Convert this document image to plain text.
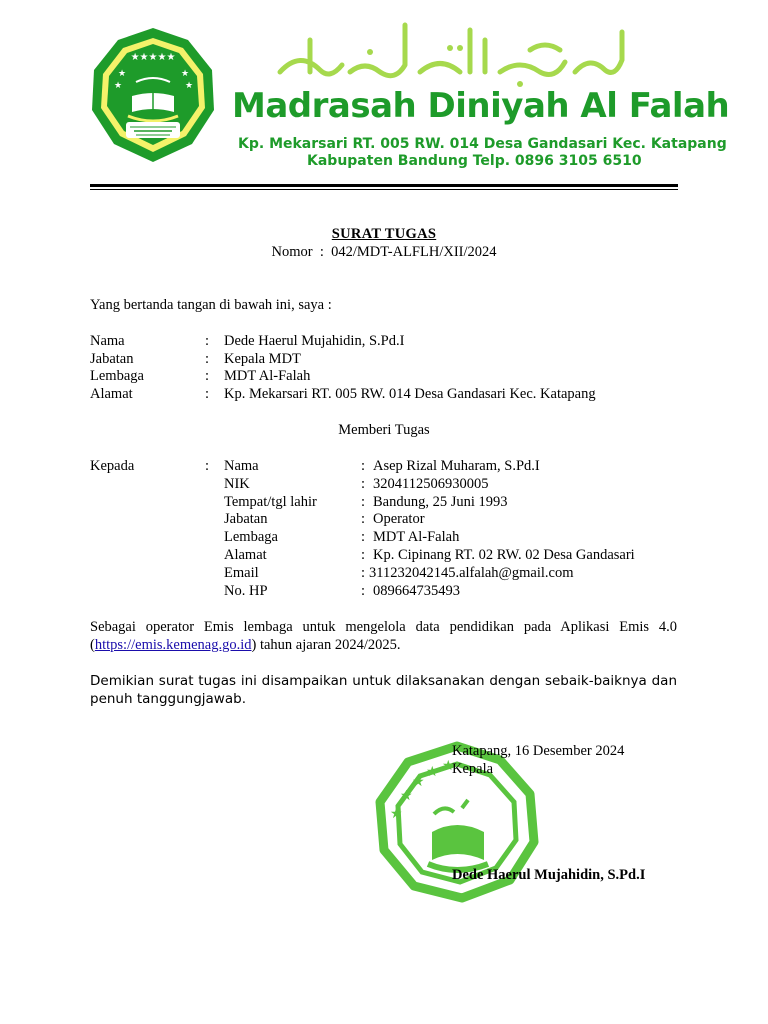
★★★★★
★	★
★	★ Madrasah Diniyah Al Falah
Kp. Mekarsari RT. 005 RW. 014 Desa Gandasari Kec. Katapang
Kabupaten Bandung Telp. 0896 3105 6510
SURAT TUGAS
Nomor : 042/MDT-ALFLH/XII/2024
Yang bertanda tangan di bawah ini, saya :
Nama	: Dede Haerul Mujahidin, S.Pd.I
Jabatan	: Kepala MDT
Lembaga	: MDT Al-Falah
Alamat	: Kp. Mekarsari RT. 005 RW. 014 Desa Gandasari Kec. Katapang
Memberi Tugas
Kepada	: Nama	: Asep Rizal Muharam, S.Pd.I
NIK	: 3204112506930005
Tempat/tgl lahir	: Bandung, 25 Juni 1993
Jabatan	: Operator
Lembaga	: MDT Al-Falah
Alamat	: Kp. Cipinang RT. 02 RW. 02 Desa Gandasari
Email	: 311232042145.alfalah@gmail.com
No. HP	: 089664735493
Sebagai operator Emis lembaga untuk mengelola data pendidikan pada Aplikasi Emis 4.0 (https://emis.kemenag.go.id) tahun ajaran 2024/2025.
Demikian surat tugas ini disampaikan untuk dilaksanakan dengan sebaik-baiknya dan penuh tanggungjawab.
★
★
★ ★
★
Katapang, 16 Desember 2024
Kepala
Dede Haerul Mujahidin, S.Pd.I
